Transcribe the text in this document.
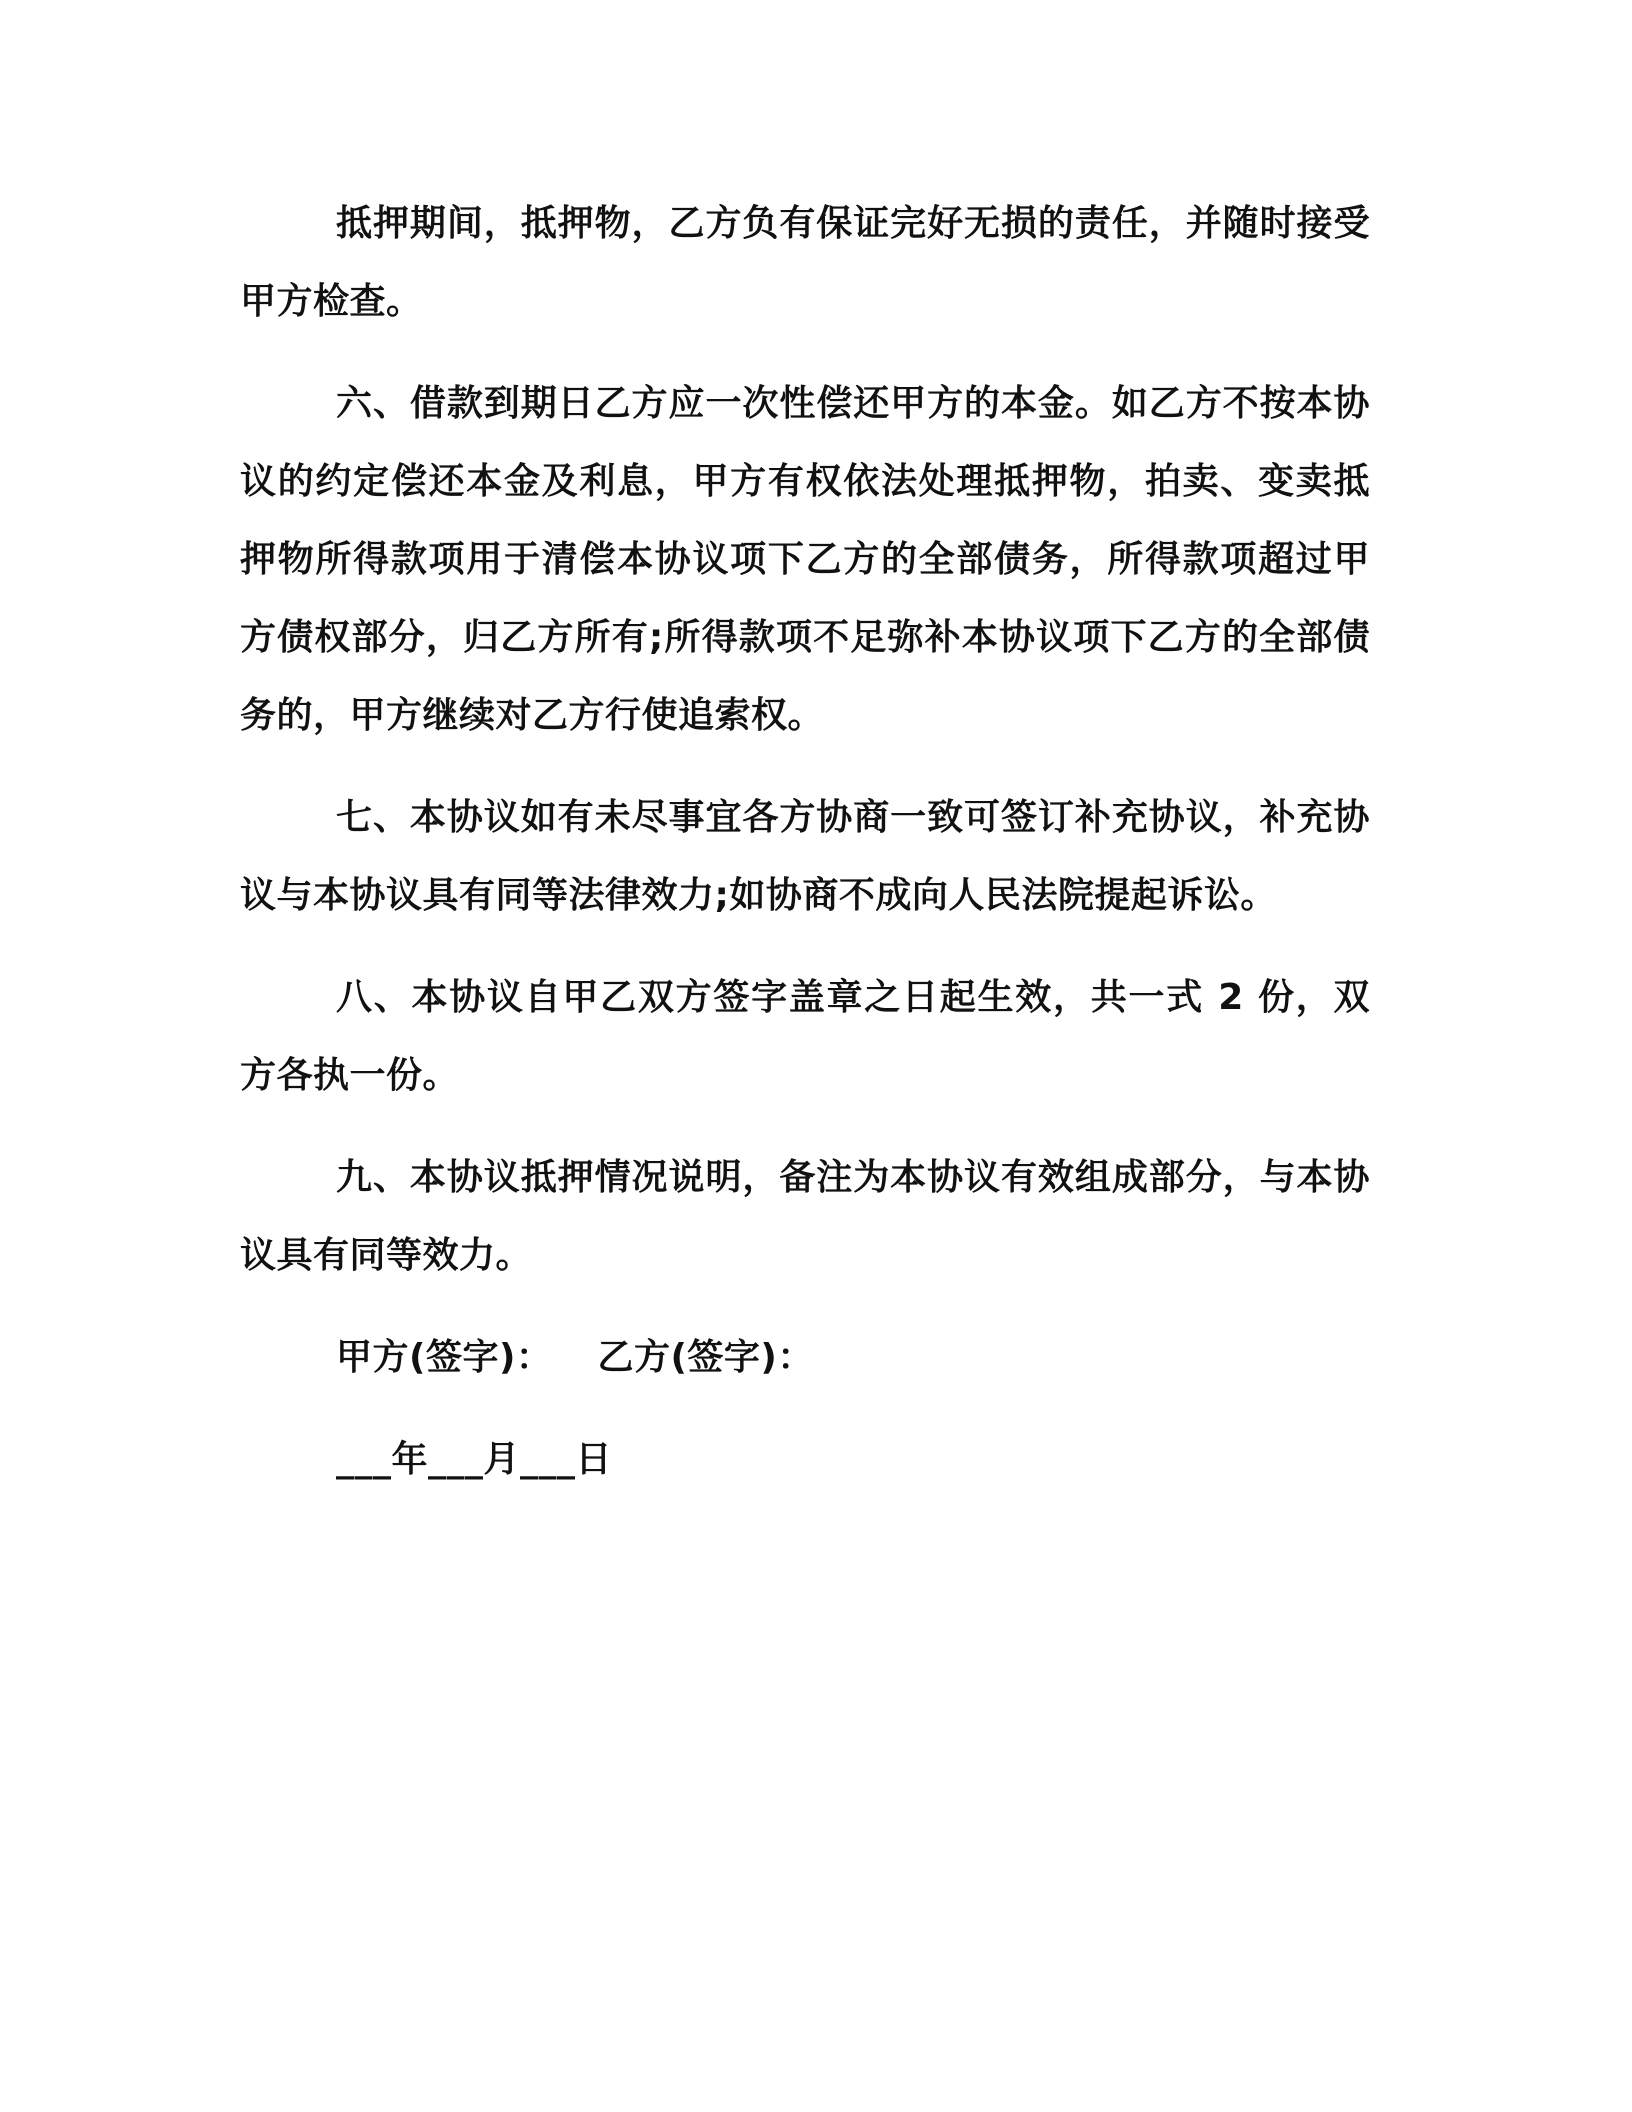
抵押期间，抵押物，乙方负有保证完好无损的责任，并随时接受甲方检查。

六、借款到期日乙方应一次性偿还甲方的本金。如乙方不按本协议的约定偿还本金及利息，甲方有权依法处理抵押物，拍卖、变卖抵押物所得款项用于清偿本协议项下乙方的全部债务，所得款项超过甲方债权部分，归乙方所有;所得款项不足弥补本协议项下乙方的全部债务的，甲方继续对乙方行使追索权。

七、本协议如有未尽事宜各方协商一致可签订补充协议，补充协议与本协议具有同等法律效力;如协商不成向人民法院提起诉讼。

八、本协议自甲乙双方签字盖章之日起生效，共一式 2 份，双方各执一份。

九、本协议抵押情况说明，备注为本协议有效组成部分，与本协议具有同等效力。

甲方(签字)： 乙方(签字)：
___年___月___日
